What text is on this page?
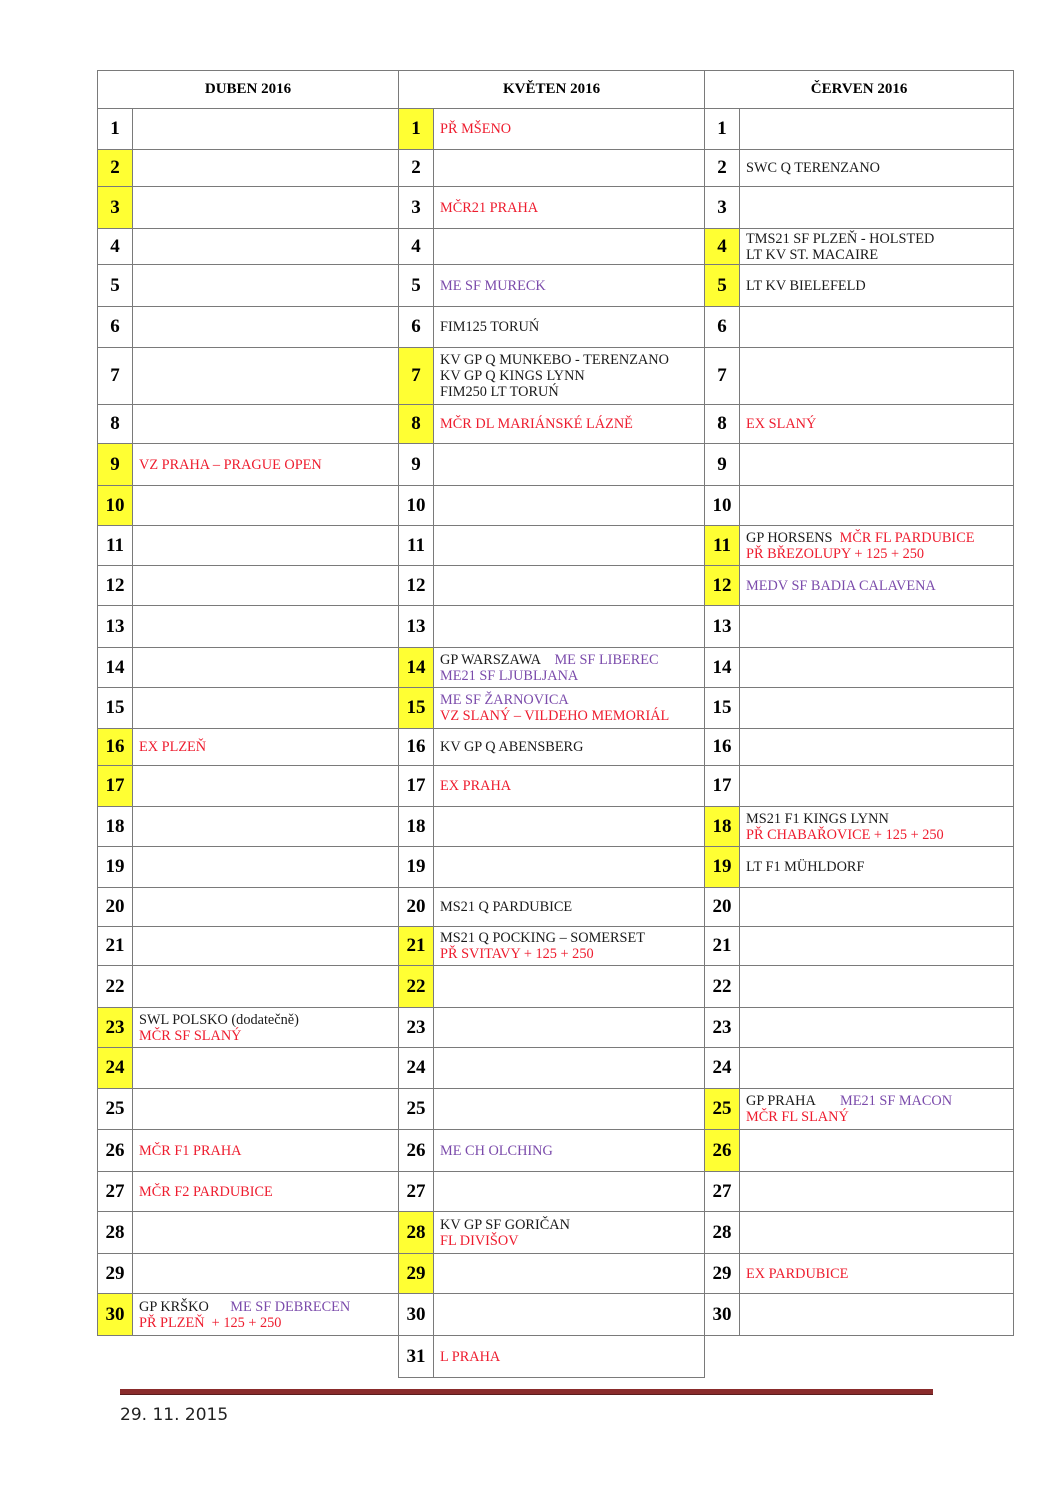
DUBEN 2016		KVĚTEN 2016		ČERVEN 2016	
1		1	PŘ MŠENO	1	
2		2		2	SWC Q TERENZANO

3		3	MČR21 PRAHA	3	
4		4		4	TMS21 SF PLZEŇ - HOLSTED
LT KV ST. MACAIRE

5		5	ME SF MURECK	5	LT KV BIELEFELD

6		6	FIM125 TORUŃ	6	
7		7	KV GP Q MUNKEBO - TERENZANO
KV GP Q KINGS LYNN
FIM250 LT TORUŃ	7	
8		8	MČR DL MARIÁNSKÉ LÁZNĚ	8	EX SLANÝ

9	VZ PRAHA – PRAGUE OPEN	9		9	
10		10		10	
11		11		11	GP HORSENS  MČR FL PARDUBICE
PŘ BŘEZOLUPY + 125 + 250

12		12		12	MEDV SF BADIA CALAVENA

13		13		13	
14		14	GP WARSZAWA    ME SF LIBEREC
ME21 SF LJUBLJANA	14	
15		15	ME SF ŽARNOVICA
VZ SLANÝ – VILDEHO MEMORIÁL	15	
16	EX PLZEŇ	16	KV GP Q ABENSBERG	16	
17		17	EX PRAHA	17	
18		18		18	MS21 F1 KINGS LYNN
PŘ CHABAŘOVICE + 125 + 250

19		19		19	LT F1 MÜHLDORF

20		20	MS21 Q PARDUBICE	20	
21		21	MS21 Q POCKING – SOMERSET
PŘ SVITAVY + 125 + 250	21	
22		22		22	
23	SWL POLSKO (dodatečně)
MČR SF SLANÝ	23		23	
24		24		24	
25		25		25	GP PRAHA       ME21 SF MACON
MČR FL SLANÝ

26	MČR F1 PRAHA	26	ME CH OLCHING	26	
27	MČR F2 PARDUBICE	27		27	
28		28	KV GP SF GORIČAN
FL DIVIŠOV	28	
29		29		29	EX PARDUBICE

30	GP KRŠKO      ME SF DEBRECEN
PŘ PLZEŇ  + 125 + 250	30		30	
		31	L PRAHA		

29. 11. 2015
